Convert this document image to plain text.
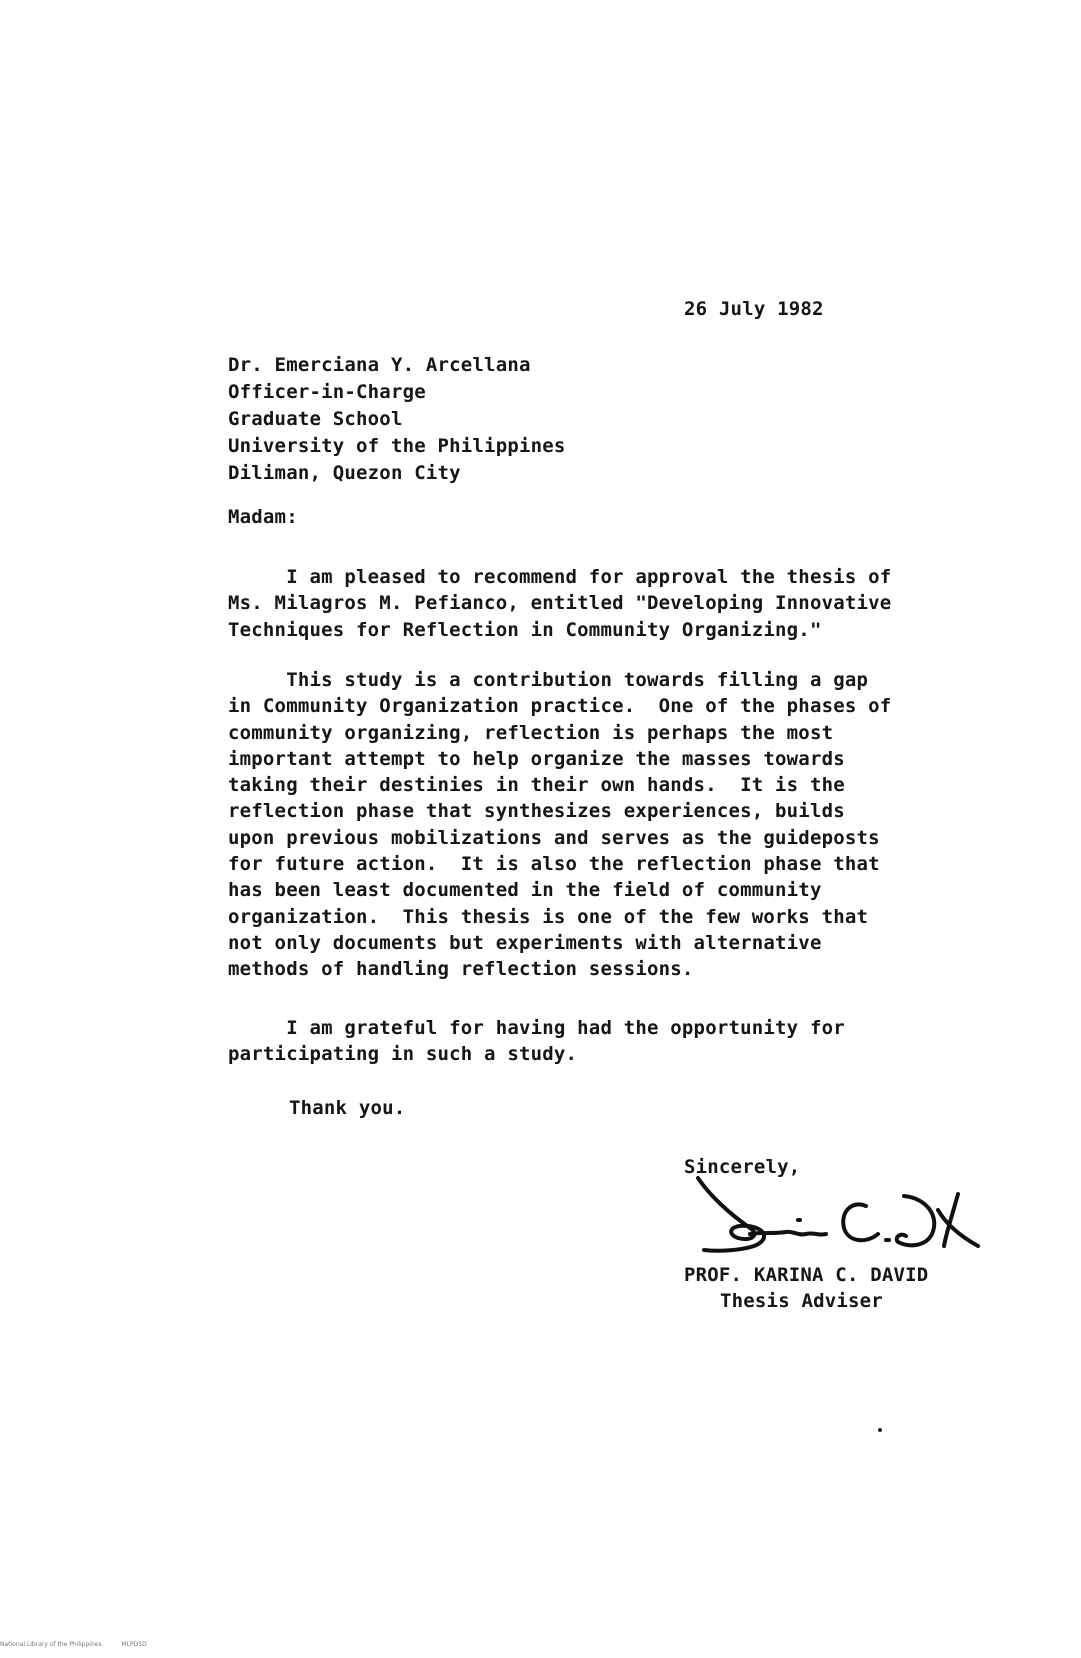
26 July 1982

Dr. Emerciana Y. Arcellana
Officer-in-Charge
Graduate School
University of the Philippines
Diliman, Quezon City

Madam:

I am pleased to recommend for approval the thesis of
Ms. Milagros M. Pefianco, entitled "Developing Innovative
Techniques for Reflection in Community Organizing."
This study is a contribution towards filling a gap
in Community Organization practice.  One of the phases of
community organizing, reflection is perhaps the most
important attempt to help organize the masses towards
taking their destinies in their own hands.  It is the
reflection phase that synthesizes experiences, builds
upon previous mobilizations and serves as the guideposts
for future action.  It is also the reflection phase that
has been least documented in the field of community
organization.  This thesis is one of the few works that
not only documents but experiments with alternative
methods of handling reflection sessions.
I am grateful for having had the opportunity for
participating in such a study.

Thank you.

Sincerely,

PROF. KARINA C. DAVID
Thesis Adviser
National Library of the Philippines	MLPDSD
